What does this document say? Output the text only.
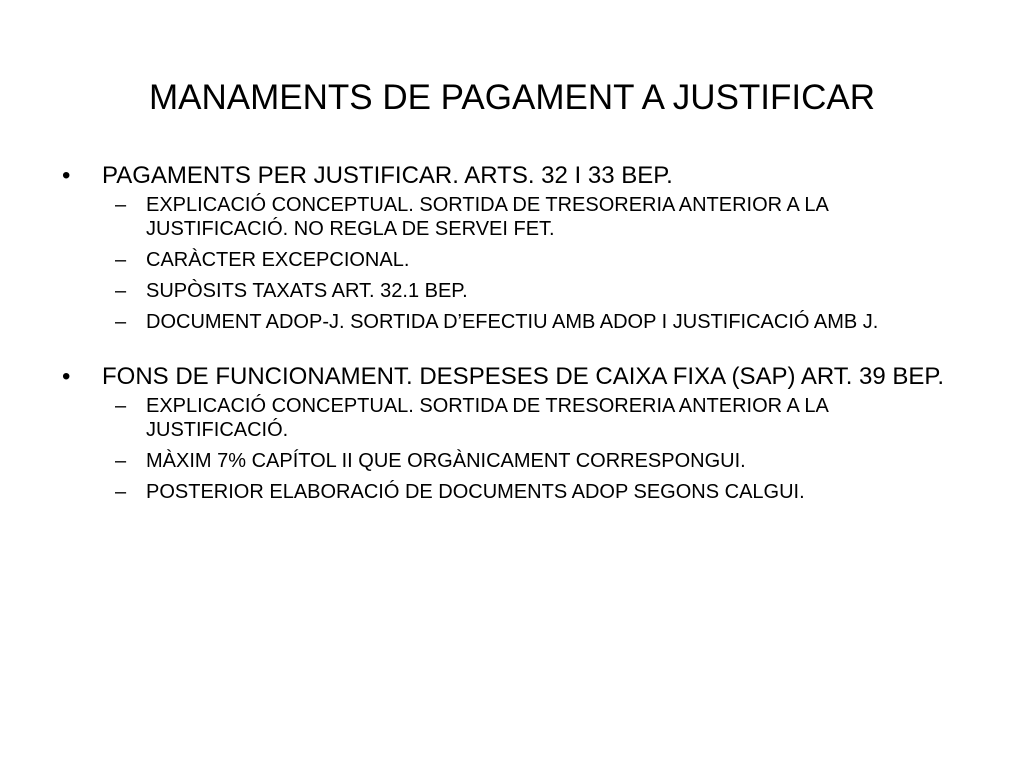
MANAMENTS DE PAGAMENT A JUSTIFICAR
•	PAGAMENTS PER JUSTIFICAR. ARTS. 32 I 33 BEP.
– EXPLICACIÓ CONCEPTUAL. SORTIDA DE TRESORERIA ANTERIOR A LA JUSTIFICACIÓ. NO REGLA DE SERVEI FET.
– CARÀCTER EXCEPCIONAL.
– SUPÒSITS TAXATS ART. 32.1 BEP.
– DOCUMENT ADOP-J. SORTIDA D’EFECTIU AMB ADOP I JUSTIFICACIÓ AMB J.
•	FONS DE FUNCIONAMENT. DESPESES DE CAIXA FIXA (SAP) ART. 39 BEP.
– EXPLICACIÓ CONCEPTUAL. SORTIDA DE TRESORERIA ANTERIOR A LA JUSTIFICACIÓ.
– MÀXIM 7% CAPÍTOL II QUE ORGÀNICAMENT CORRESPONGUI.
– POSTERIOR ELABORACIÓ DE DOCUMENTS ADOP SEGONS CALGUI.
